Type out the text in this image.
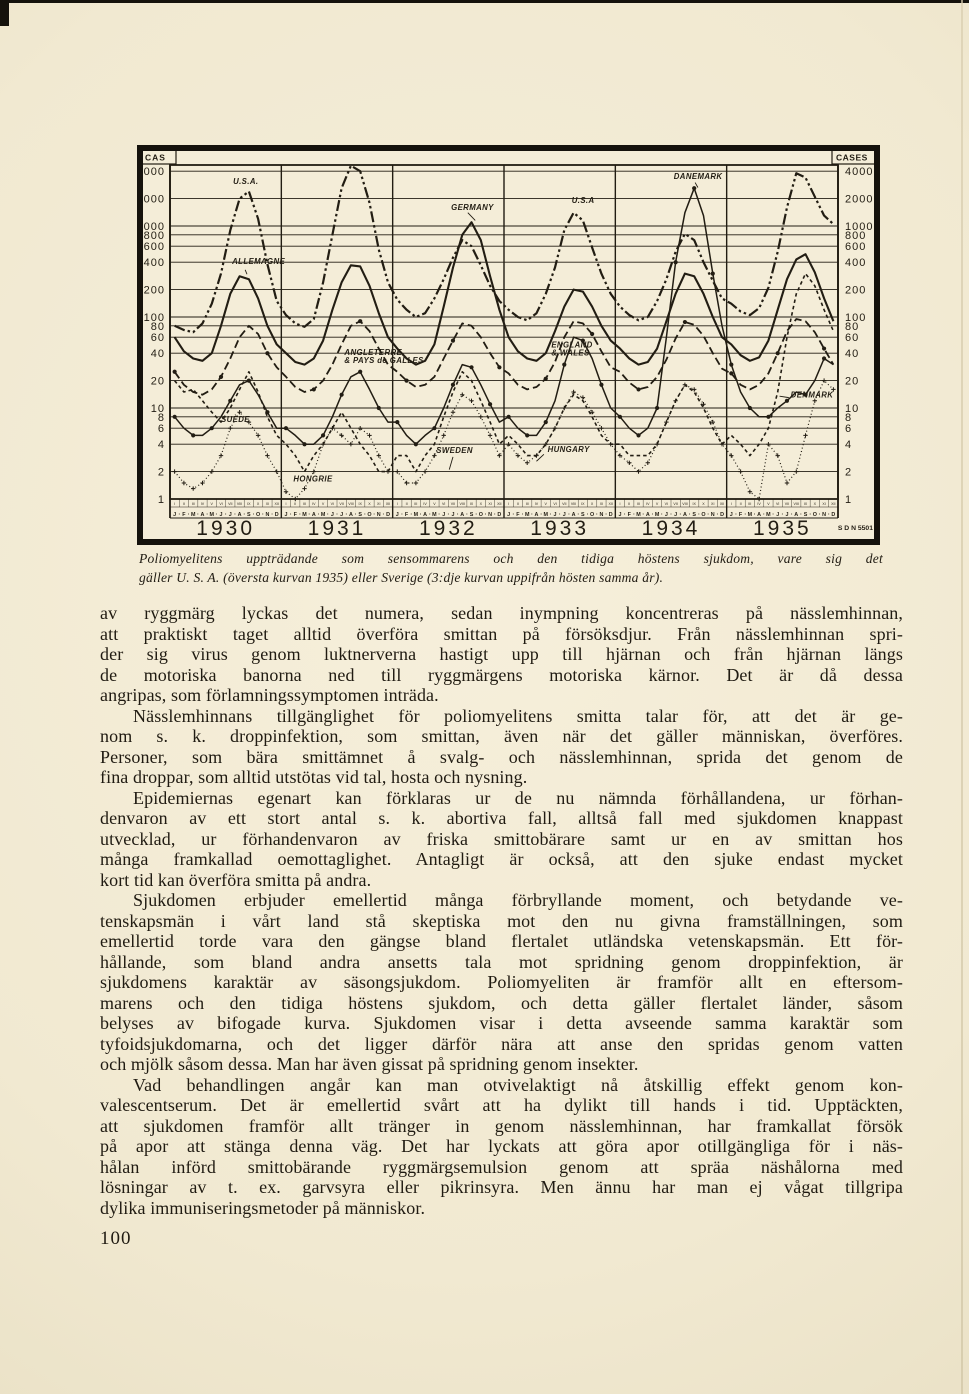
4000	4000
2000	2000
1000	1000
800	800
600	600
400	400
200	200
100	100
80	80
60	60
40	40
20	20
10	10
8	8
6	6
4	4
2	2
1	1
I
J
II
F
III
M
IV
A
V
M
VI
J
VII
J
VIII
A
IX
S
X
O
XI
N
XII
D
I
J
II
F
III
M
IV
A
V
M
VI
J
VII
J
VIII
A
IX
S
X
O
XI
N
XII
D
I
J
II
F
III
M
IV
A
V
M
VI
J
VII
J
VIII
A
IX
S
X
O
XI
N
XII
D
I
J
II
F
III
M
IV
A
V
M
VI
J
VII
J
VIII
A
IX
S
X
O
XI
N
XII
D
I
J
II
F
III
M
IV
A
V
M
VI
J
VII
J
VIII
A
IX
S
X
O
XI
N
XII
D
I
J
II
F
III
M
IV
A
V
M
VI
J
VII
J
VIII
A
IX
S
X
O
XI
N
XII
D
1930	1931	1932	1933	1934	1935
U.S.A.
ALLEMAGNE
GERMANY
U.S.A
DANEMARK
ANGLETERRE
& PAYS de GALLES
ENGLAND
& WALES
SUÈDE
SWEDEN
HONGRIE
HUNGARY
DENMARK
CAS	CASES
S D N 5501
Poliomyelitens uppträdande som sensommarens och den tidiga höstens sjukdom, vare sig det
gäller U. S. A. (översta kurvan 1935) eller Sverige (3:dje kurvan uppifrån hösten samma år).
av ryggmärg lyckas det numera, sedan inympning koncentreras på nässlemhinnan,
att praktiskt taget alltid överföra smittan på försöksdjur. Från nässlemhinnan spri-
der sig virus genom luktnerverna hastigt upp till hjärnan och från hjärnan längs
de motoriska banorna ned till ryggmärgens motoriska kärnor. Det är då dessa
angripas, som förlamningssymptomen inträda.
Nässlemhinnans tillgänglighet för poliomyelitens smitta talar för, att det är ge-
nom s. k. droppinfektion, som smittan, även när det gäller människan, överföres.
Personer, som bära smittämnet å svalg- och nässlemhinnan, sprida det genom de
fina droppar, som alltid utstötas vid tal, hosta och nysning.
Epidemiernas egenart kan förklaras ur de nu nämnda förhållandena, ur förhan-
denvaron av ett stort antal s. k. abortiva fall, alltså fall med sjukdomen knappast
utvecklad, ur förhandenvaron av friska smittobärare samt ur en av smittan hos
många framkallad oemottaglighet. Antagligt är också, att den sjuke endast mycket
kort tid kan överföra smitta på andra.
Sjukdomen erbjuder emellertid många förbryllande moment, och betydande ve-
tenskapsmän i vårt land stå skeptiska mot den nu givna framställningen, som
emellertid torde vara den gängse bland flertalet utländska vetenskapsmän. Ett för-
hållande, som bland andra ansetts tala mot spridning genom droppinfektion, är
sjukdomens karaktär av säsongsjukdom. Poliomyeliten är framför allt en eftersom-
marens och den tidiga höstens sjukdom, och detta gäller flertalet länder, såsom
belyses av bifogade kurva. Sjukdomen visar i detta avseende samma karaktär som
tyfoidsjukdomarna, och det ligger därför nära att anse den spridas genom vatten
och mjölk såsom dessa. Man har även gissat på spridning genom insekter.
Vad behandlingen angår kan man otvivelaktigt nå åtskillig effekt genom kon-
valescentserum. Det är emellertid svårt att ha dylikt till hands i tid. Upptäckten,
att sjukdomen framför allt tränger in genom nässlemhinnan, har framkallat försök
på apor att stänga denna väg. Det har lyckats att göra apor otillgängliga för i näs-
hålan införd smittobärande ryggmärgsemulsion genom att spräa näshålorna med
lösningar av t. ex. garvsyra eller pikrinsyra. Men ännu har man ej vågat tillgripa
dylika immuniseringsmetoder på människor.
100
